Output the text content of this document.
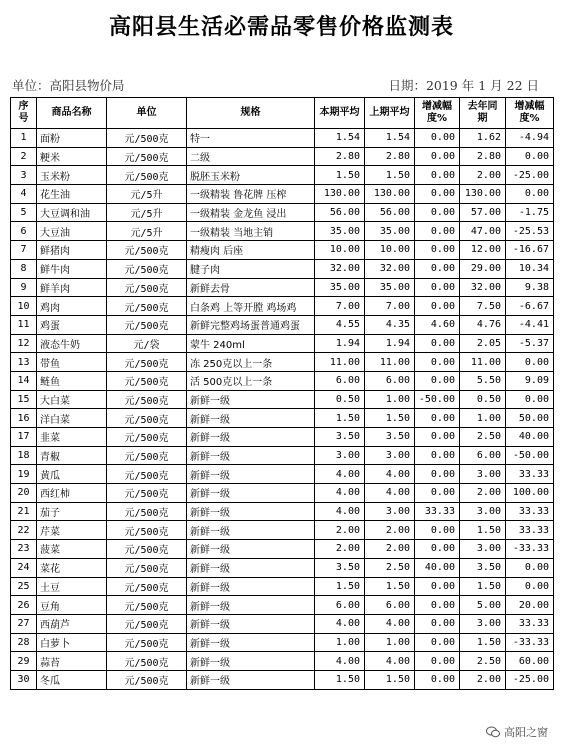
高阳县生活必需品零售价格监测表
单位：高阳县物价局	日期：2019 年 1 月 22 日
序号	商品名称	单位	规格	本期平均	上期平均	增减幅度%	去年同期	增减幅度%
1	面粉	元/500克	特一	1.54	1.54	0.00	1.62	-4.94
2	粳米	元/500克	二级	2.80	2.80	0.00	2.80	0.00
3	玉米粉	元/500克	脱胚玉米粉	1.50	1.50	0.00	2.00	-25.00
4	花生油	元/5升	一级精装 鲁花牌 压榨	130.00	130.00	0.00	130.00	0.00
5	大豆调和油	元/5升	一级精装 金龙鱼 浸出	56.00	56.00	0.00	57.00	-1.75
6	大豆油	元/5升	一级精装 当地主销	35.00	35.00	0.00	47.00	-25.53
7	鲜猪肉	元/500克	精瘦肉 后座	10.00	10.00	0.00	12.00	-16.67
8	鲜牛肉	元/500克	腱子肉	32.00	32.00	0.00	29.00	10.34
9	鲜羊肉	元/500克	新鲜去骨	35.00	35.00	0.00	32.00	9.38
10	鸡肉	元/500克	白条鸡 上等开膛 鸡场鸡	7.00	7.00	0.00	7.50	-6.67
11	鸡蛋	元/500克	新鲜完整鸡场蛋普通鸡蛋	4.55	4.35	4.60	4.76	-4.41
12	液态牛奶	元/袋	蒙牛 240ml	1.94	1.94	0.00	2.05	-5.37
13	带鱼	元/500克	冻 250克以上一条	11.00	11.00	0.00	11.00	0.00
14	鲢鱼	元/500克	活 500克以上一条	6.00	6.00	0.00	5.50	9.09
15	大白菜	元/500克	新鲜一级	0.50	1.00	-50.00	0.50	0.00
16	洋白菜	元/500克	新鲜一级	1.50	1.50	0.00	1.00	50.00
17	韭菜	元/500克	新鲜一级	3.50	3.50	0.00	2.50	40.00
18	青椒	元/500克	新鲜一级	3.00	3.00	0.00	6.00	-50.00
19	黄瓜	元/500克	新鲜一级	4.00	4.00	0.00	3.00	33.33
20	西红柿	元/500克	新鲜一级	4.00	4.00	0.00	2.00	100.00
21	茄子	元/500克	新鲜一级	4.00	3.00	33.33	3.00	33.33
22	芹菜	元/500克	新鲜一级	2.00	2.00	0.00	1.50	33.33
23	菠菜	元/500克	新鲜一级	2.00	2.00	0.00	3.00	-33.33
24	菜花	元/500克	新鲜一级	3.50	2.50	40.00	3.50	0.00
25	土豆	元/500克	新鲜一级	1.50	1.50	0.00	1.50	0.00
26	豆角	元/500克	新鲜一级	6.00	6.00	0.00	5.00	20.00
27	西葫芦	元/500克	新鲜一级	4.00	4.00	0.00	3.00	33.33
28	白萝卜	元/500克	新鲜一级	1.00	1.00	0.00	1.50	-33.33
29	蒜苔	元/500克	新鲜一级	4.00	4.00	0.00	2.50	60.00
30	冬瓜	元/500克	新鲜一级	1.50	1.50	0.00	2.00	-25.00
高阳之窗
